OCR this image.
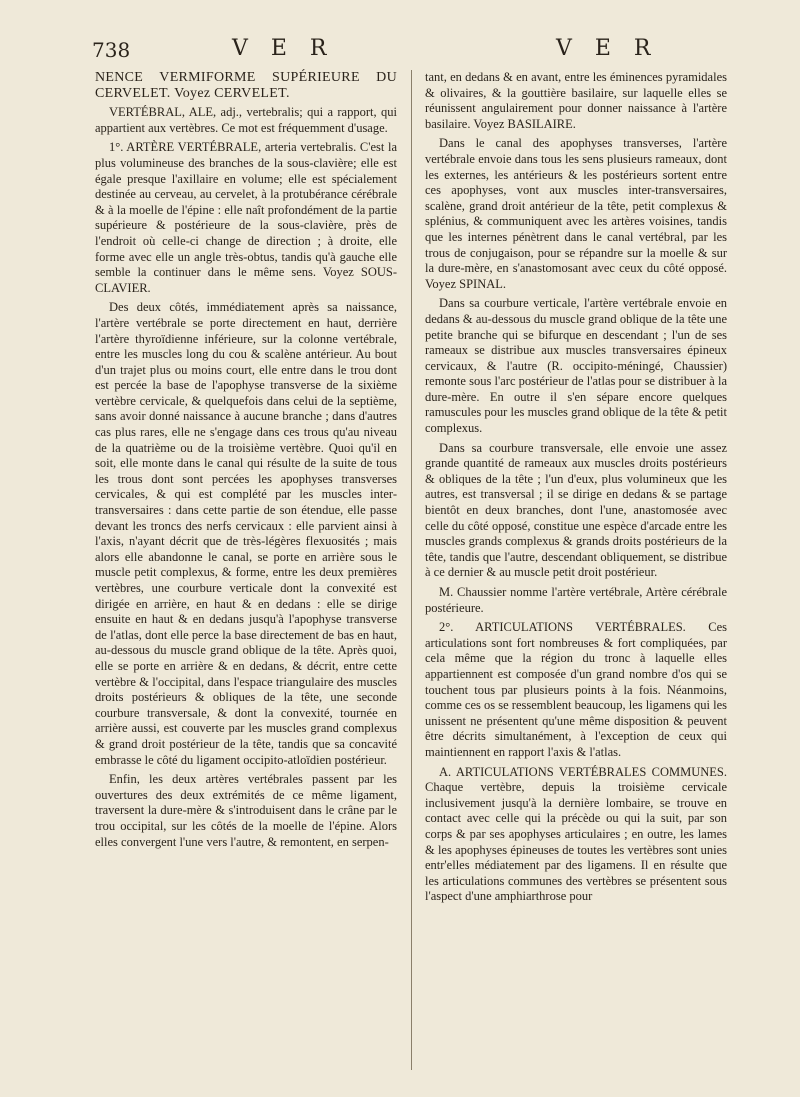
738	V E R	V E R

NENCE VERMIFORME SUPÉRIEURE DU CERVELET. Voyez CERVELET.

VERTÉBRAL, ALE, adj., vertebralis; qui a rapport, qui appartient aux vertèbres. Ce mot est fréquemment d'usage.

1°. ARTÈRE VERTÉBRALE, arteria vertebralis. C'est la plus volumineuse des branches de la sous-clavière; elle est égale presque l'axillaire en volume; elle est spécialement destinée au cerveau, au cervelet, à la protubérance cérébrale & à la moelle de l'épine : elle naît profondément de la partie supérieure & postérieure de la sous-clavière, près de l'endroit où celle-ci change de direction ; à droite, elle forme avec elle un angle très-obtus, tandis qu'à gauche elle semble la continuer dans le même sens. Voyez SOUS-CLAVIER.

Des deux côtés, immédiatement après sa naissance, l'artère vertébrale se porte directement en haut, derrière l'artère thyroïdienne inférieure, sur la colonne vertébrale, entre les muscles long du cou & scalène antérieur. Au bout d'un trajet plus ou moins court, elle entre dans le trou dont est percée la base de l'apophyse transverse de la sixième vertèbre cervicale, & quelquefois dans celui de la septième, sans avoir donné naissance à aucune branche ; dans d'autres cas plus rares, elle ne s'engage dans ces trous qu'au niveau de la quatrième ou de la troisième vertèbre. Quoi qu'il en soit, elle monte dans le canal qui résulte de la suite de tous les trous dont sont percées les apophyses transverses cervicales, & qui est complété par les muscles inter-transversaires : dans cette partie de son étendue, elle passe devant les troncs des nerfs cervicaux : elle parvient ainsi à l'axis, n'ayant décrit que de très-légères flexuosités ; mais alors elle abandonne le canal, se porte en arrière sous le muscle petit complexus, & forme, entre les deux premières vertèbres, une courbure verticale dont la convexité est dirigée en arrière, en haut & en dedans : elle se dirige ensuite en haut & en dedans jusqu'à l'apophyse transverse de l'atlas, dont elle perce la base directement de bas en haut, au-dessous du muscle grand oblique de la tête. Après quoi, elle se porte en arrière & en dedans, & décrit, entre cette vertèbre & l'occipital, dans l'espace triangulaire des muscles droits postérieurs & obliques de la tête, une seconde courbure transversale, & dont la convexité, tournée en arrière aussi, est couverte par les muscles grand complexus & grand droit postérieur de la tête, tandis que sa concavité embrasse le côté du ligament occipito-atloïdien postérieur.

Enfin, les deux artères vertébrales passent par les ouvertures des deux extrémités de ce même ligament, traversent la dure-mère & s'introduisent dans le crâne par le trou occipital, sur les côtés de la moelle de l'épine. Alors elles convergent l'une vers l'autre, & remontent, en serpen-

tant, en dedans & en avant, entre les éminences pyramidales & olivaires, & la gouttière basilaire, sur laquelle elles se réunissent angulairement pour donner naissance à l'artère basilaire. Voyez BASILAIRE.

Dans le canal des apophyses transverses, l'artère vertébrale envoie dans tous les sens plusieurs rameaux, dont les externes, les antérieurs & les postérieurs sortent entre ces apophyses, vont aux muscles inter-transversaires, scalène, grand droit antérieur de la tête, petit complexus & splénius, & communiquent avec les artères voisines, tandis que les internes pénètrent dans le canal vertébral, par les trous de conjugaison, pour se répandre sur la moelle & sur la dure-mère, en s'anastomosant avec ceux du côté opposé. Voyez SPINAL.

Dans sa courbure verticale, l'artère vertébrale envoie en dedans & au-dessous du muscle grand oblique de la tête une petite branche qui se bifurque en descendant ; l'un de ses rameaux se distribue aux muscles transversaires épineux cervicaux, & l'autre (R. occipito-méningé, Chaussier) remonte sous l'arc postérieur de l'atlas pour se distribuer à la dure-mère. En outre il s'en sépare encore quelques ramuscules pour les muscles grand oblique de la tête & petit complexus.

Dans sa courbure transversale, elle envoie une assez grande quantité de rameaux aux muscles droits postérieurs & obliques de la tête ; l'un d'eux, plus volumineux que les autres, est transversal ; il se dirige en dedans & se partage bientôt en deux branches, dont l'une, anastomosée avec celle du côté opposé, constitue une espèce d'arcade entre les muscles grands complexus & grands droits postérieurs de la tête, tandis que l'autre, descendant obliquement, se distribue à ce dernier & au muscle petit droit postérieur.

M. Chaussier nomme l'artère vertébrale, Artère cérébrale postérieure.

2°. ARTICULATIONS VERTÉBRALES. Ces articulations sont fort nombreuses & fort compliquées, par cela même que la région du tronc à laquelle elles appartiennent est composée d'un grand nombre d'os qui se touchent tous par plusieurs points à la fois. Néanmoins, comme ces os se ressemblent beaucoup, les ligamens qui les unissent ne présentent qu'une même disposition & peuvent être décrits simultanément, à l'exception de ceux qui maintiennent en rapport l'axis & l'atlas.

A. ARTICULATIONS VERTÉBRALES COMMUNES. Chaque vertèbre, depuis la troisième cervicale inclusivement jusqu'à la dernière lombaire, se trouve en contact avec celle qui la précède ou qui la suit, par son corps & par ses apophyses articulaires ; en outre, les lames & les apophyses épineuses de toutes les vertèbres sont unies entr'elles médiatement par des ligamens. Il en résulte que les articulations communes des vertèbres se présentent sous l'aspect d'une amphiarthrose pour
